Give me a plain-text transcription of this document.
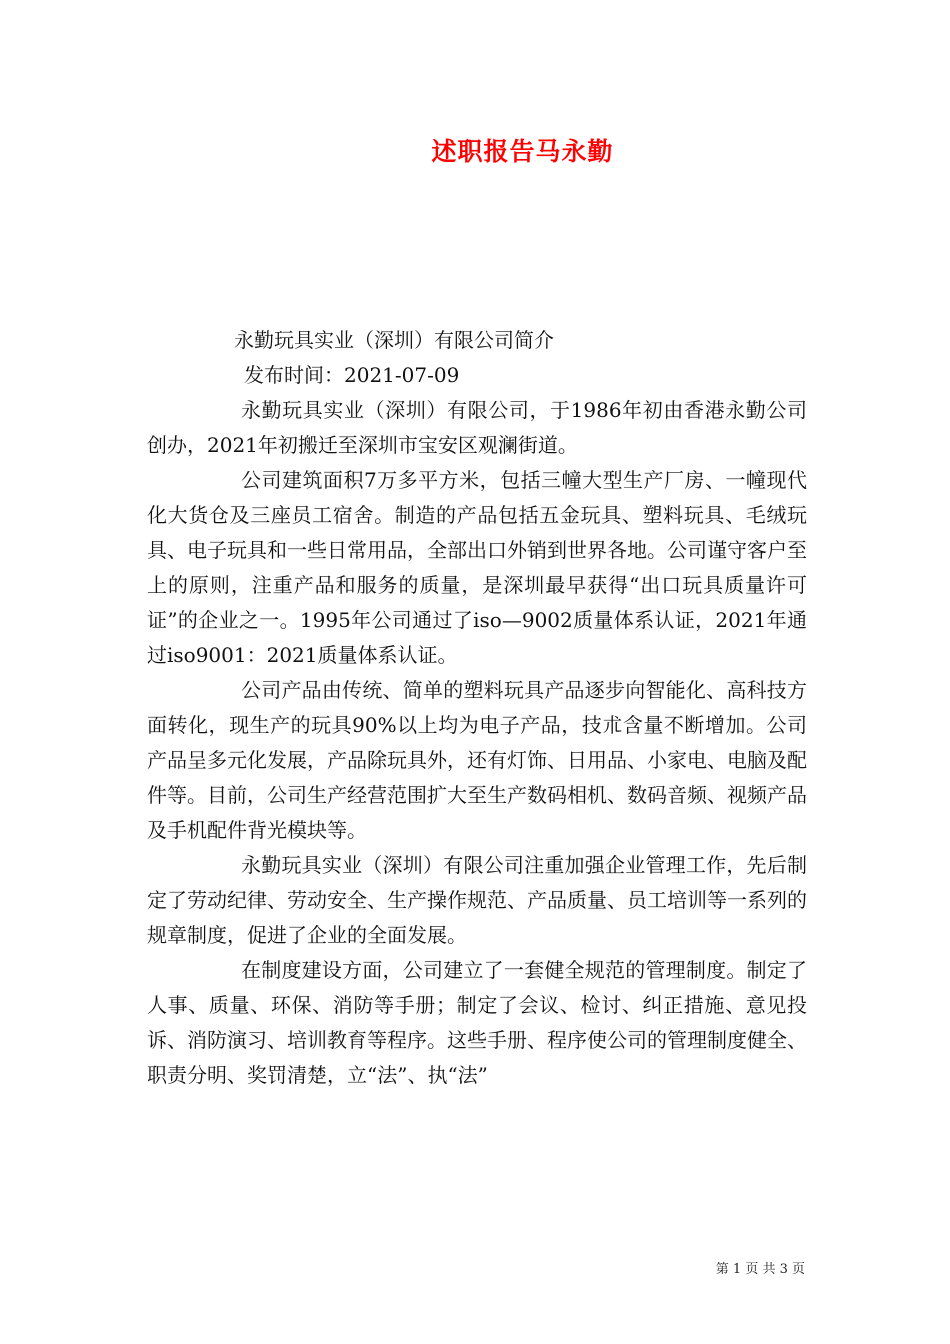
述职报告马永勤

永勤玩具实业（深圳）有限公司简介

发布时间：2021-07-09

永勤玩具实业（深圳）有限公司，于1986年初由香港永勤公司创办，2021年初搬迁至深圳市宝安区观澜街道。

公司建筑面积7万多平方米，包括三幢大型生产厂房、一幢现代化大货仓及三座员工宿舍。制造的产品包括五金玩具、塑料玩具、毛绒玩具、电子玩具和一些日常用品，全部出口外销到世界各地。公司谨守客户至上的原则，注重产品和服务的质量，是深圳最早获得“出口玩具质量许可证”的企业之一。1995年公司通过了iso—9002质量体系认证，2021年通过iso9001：2021质量体系认证。

公司产品由传统、简单的塑料玩具产品逐步向智能化、高科技方面转化，现生产的玩具90%以上均为电子产品，技朮含量不断增加。公司产品呈多元化发展，产品除玩具外，还有灯饰、日用品、小家电、电脑及配件等。目前，公司生产经营范围扩大至生产数码相机、数码音频、视频产品及手机配件背光模块等。

永勤玩具实业（深圳）有限公司注重加强企业管理工作，先后制定了劳动纪律、劳动安全、生产操作规范、产品质量、员工培训等一系列的规章制度，促进了企业的全面发展。

在制度建设方面，公司建立了一套健全规范的管理制度。制定了人事、质量、环保、消防等手册；制定了会议、检讨、纠正措施、意见投诉、消防演习、培训教育等程序。这些手册、程序使公司的管理制度健全、职责分明、奖罚清楚，立“法”、执“法”

第 1 页 共 3 页
